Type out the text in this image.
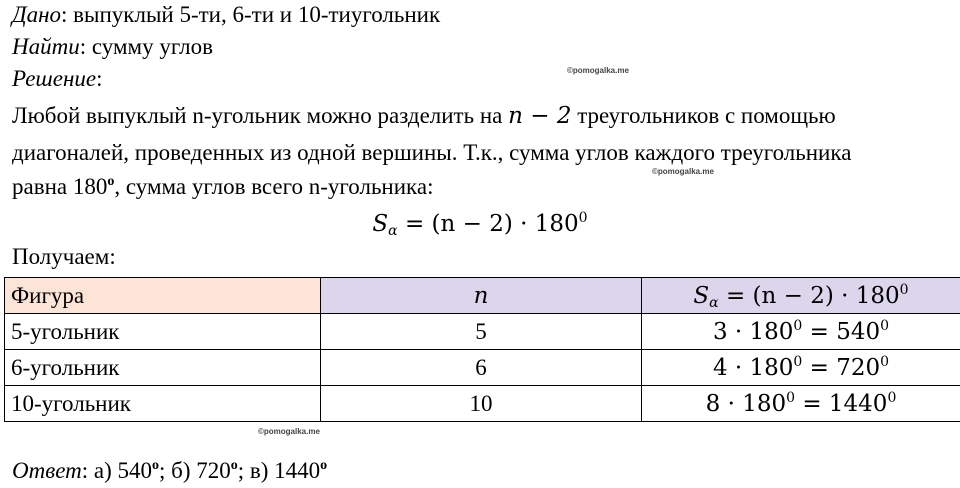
Дано: выпуклый 5-ти, 6-ти и 10-тиугольник
Найти: сумму углов
Решение:	©pomogalka.me
Любой выпуклый n-угольник можно разделить на n − 2 треугольников с помощью
диагоналей, проведенных из одной вершины. Т.к., сумма углов каждого треугольника
©pomogalka.me
равна $180^о$, сумма углов всего n-угольника:
$S_\alpha = (n - 2) \cdot 180^0$
Получаем:
Фигура	n	$S_\alpha = (n - 2) \cdot 180^0$
5-угольник	5	$3 \cdot 180^0 = 540^0$
6-угольник	6	$4 \cdot 180^0 = 720^0$
10-угольник	10	$8 \cdot 180^0 = 1440^0$
©pomogalka.me
Ответ: а) $540^о$; б) $720^о$; в) $1440^о$
